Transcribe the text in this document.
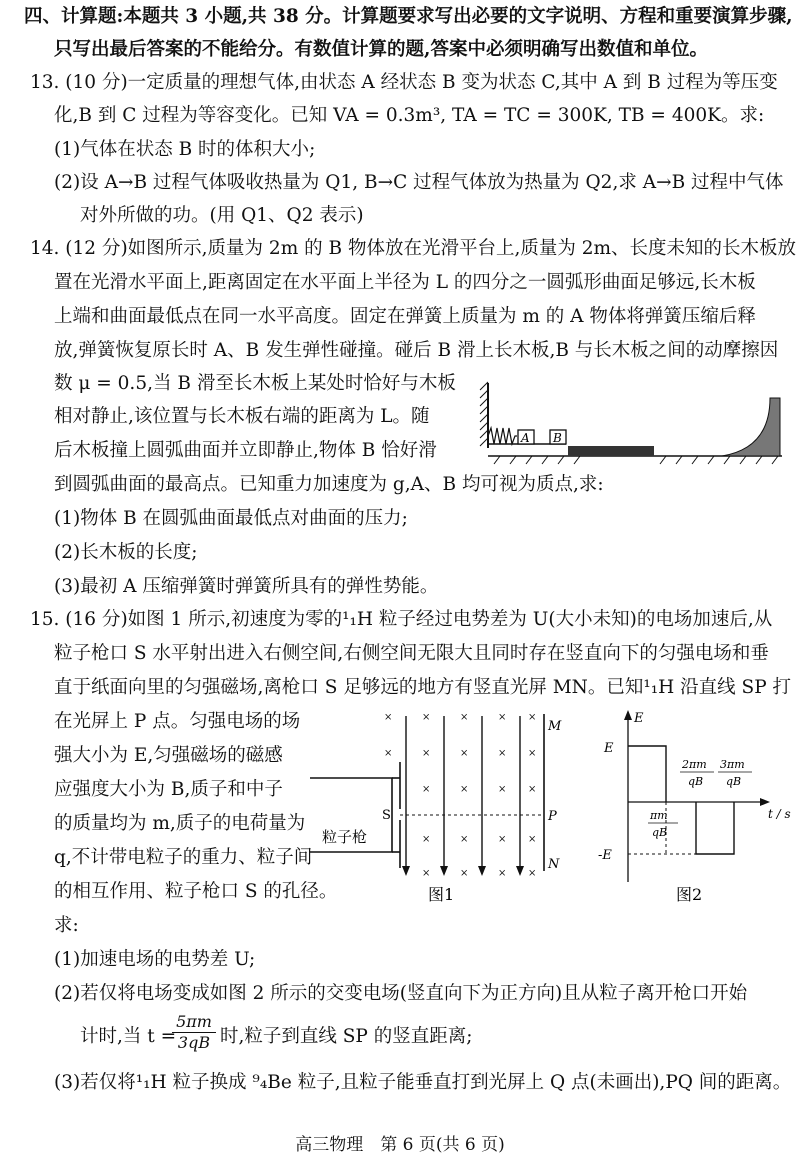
四、计算题:本题共 3 小题,共 38 分。计算题要求写出必要的文字说明、方程和重要演算步骤,
只写出最后答案的不能给分。有数值计算的题,答案中必须明确写出数值和单位。
13. (10 分)一定质量的理想气体,由状态 A 经状态 B 变为状态 C,其中 A 到 B 过程为等压变
化,B 到 C 过程为等容变化。已知 VA = 0.3m³, TA = TC = 300K, TB = 400K。求:
(1)气体在状态 B 时的体积大小;
(2)设 A→B 过程气体吸收热量为 Q1, B→C 过程气体放为热量为 Q2,求 A→B 过程中气体
对外所做的功。(用 Q1、Q2 表示)
14. (12 分)如图所示,质量为 2m 的 B 物体放在光滑平台上,质量为 2m、长度未知的长木板放
置在光滑水平面上,距离固定在水平面上半径为 L 的四分之一圆弧形曲面足够远,长木板
上端和曲面最低点在同一水平高度。固定在弹簧上质量为 m 的 A 物体将弹簧压缩后释
放,弹簧恢复原长时 A、B 发生弹性碰撞。碰后 B 滑上长木板,B 与长木板之间的动摩擦因
数 μ = 0.5,当 B 滑至长木板上某处时恰好与木板
相对静止,该位置与长木板右端的距离为 L。随
后木板撞上圆弧曲面并立即静止,物体 B 恰好滑
到圆弧曲面的最高点。已知重力加速度为 g,A、B 均可视为质点,求:
(1)物体 B 在圆弧曲面最低点对曲面的压力;
(2)长木板的长度;
(3)最初 A 压缩弹簧时弹簧所具有的弹性势能。
A B
15. (16 分)如图 1 所示,初速度为零的¹₁H 粒子经过电势差为 U(大小未知)的电场加速后,从
粒子枪口 S 水平射出进入右侧空间,右侧空间无限大且同时存在竖直向下的匀强电场和垂
直于纸面向里的匀强磁场,离枪口 S 足够远的地方有竖直光屏 MN。已知¹₁H 沿直线 SP 打
在光屏上 P 点。匀强电场的场
强大小为 E,匀强磁场的磁感
应强度大小为 B,质子和中子
的质量均为 m,质子的电荷量为
q,不计带电粒子的重力、粒子间
的相互作用、粒子枪口 S 的孔径。
求:
(1)加速电场的电势差 U;
(2)若仅将电场变成如图 2 所示的交变电场(竖直向下为正方向)且从粒子离开枪口开始
计时,当 t =
$\frac{5\pi m}{3qB}$ 时,粒子到直线 SP 的竖直距离;
(3)若仅将¹₁H 粒子换成 ⁹₄Be 粒子,且粒子能垂直打到光屏上 Q 点(未画出),PQ 间的距离。
S
粒子枪
×	×	×	× ×
×	×	×	× ×
×	×	× ×
×	×	× ×
×	×	× ×
M
P
N
图1
E
t / s
E
-E
πm
qB
2πm
qB
3πm
qB
图2
高三物理　第 6 页(共 6 页)
